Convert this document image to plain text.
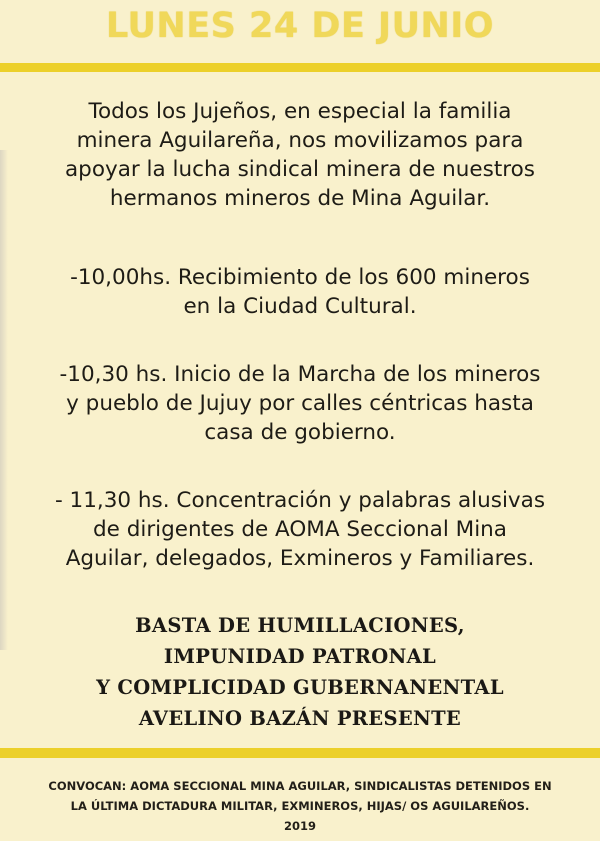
LUNES 24 DE JUNIO
Todos los Jujeños, en especial la familia
minera Aguilareña, nos movilizamos para
apoyar la lucha sindical minera de nuestros
hermanos mineros de Mina Aguilar.
-10,00hs. Recibimiento de los 600 mineros
en la Ciudad Cultural.
-10,30 hs. Inicio de la Marcha de los mineros
y pueblo de Jujuy por calles céntricas hasta
casa de gobierno.
- 11,30 hs. Concentración y palabras alusivas
de dirigentes de AOMA Seccional Mina
Aguilar, delegados, Exmineros y Familiares.
BASTA DE HUMILLACIONES,
IMPUNIDAD PATRONAL
Y COMPLICIDAD GUBERNANENTAL
AVELINO BAZÁN PRESENTE
CONVOCAN: AOMA SECCIONAL MINA AGUILAR, SINDICALISTAS DETENIDOS EN
LA ÚLTIMA DICTADURA MILITAR, EXMINEROS, HIJAS/ OS AGUILAREÑOS.
2019
